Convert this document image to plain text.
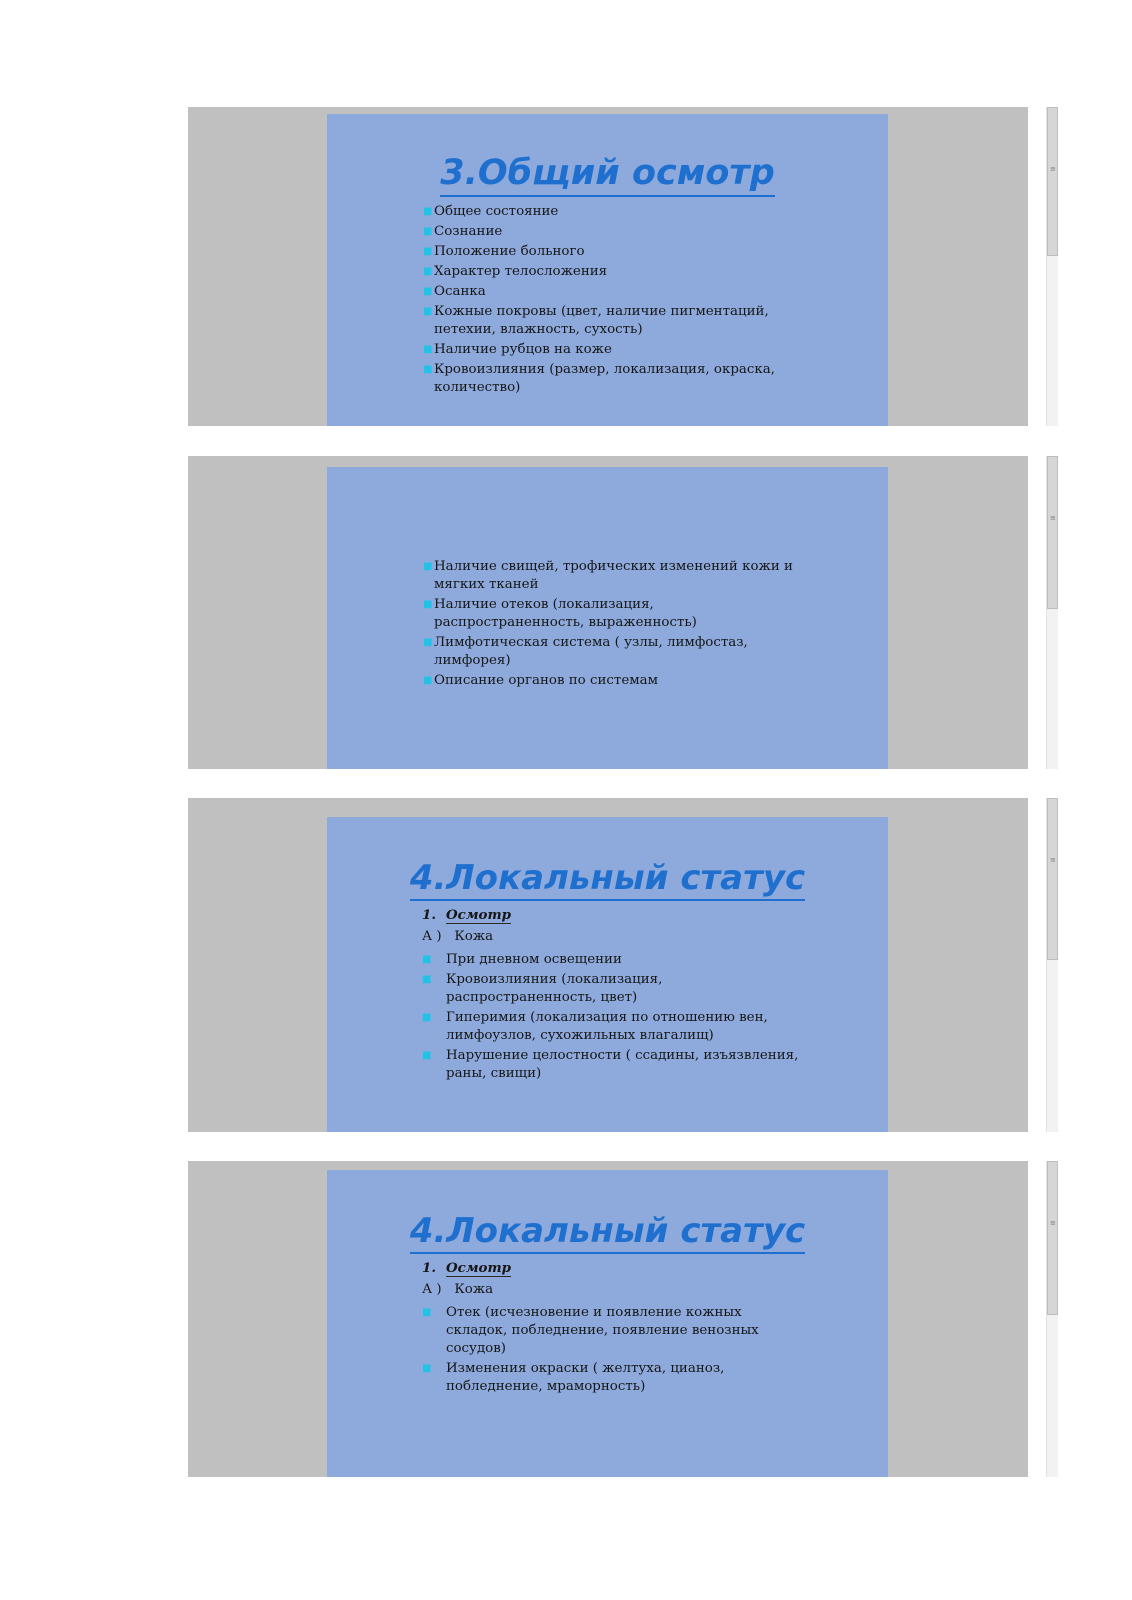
3.Общий осмотр
■ Общее состояние
■ Сознание
■ Положение больного
■ Характер телосложения
■ Осанка
■ Кожные покровы (цвет, наличие пигментаций, петехии, влажность, сухость)
■ Наличие рубцов на коже
■ Кровоизлияния (размер, локализация, окраска, количество)
≡
■ Наличие свищей, трофических изменений кожи и мягких тканей
■ Наличие отеков (локализация, распространенность, выраженность)
■ Лимфотическая система ( узлы, лимфостаз, лимфорея)
■ Описание органов по системам
≡
4.Локальный статус
1. Осмотр
А )   Кожа
■ При дневном освещении
■ Кровоизлияния (локализация, распространенность, цвет)
■ Гиперимия (локализация по отношению вен, лимфоузлов, сухожильных влагалищ)
■ Нарушение целостности ( ссадины, изъязвления, раны, свищи)
≡
4.Локальный статус
1. Осмотр
А )   Кожа
■ Отек (исчезновение и появление кожных складок, побледнение, появление венозных сосудов)
■ Изменения окраски ( желтуха, цианоз, побледнение, мраморность)
≡
